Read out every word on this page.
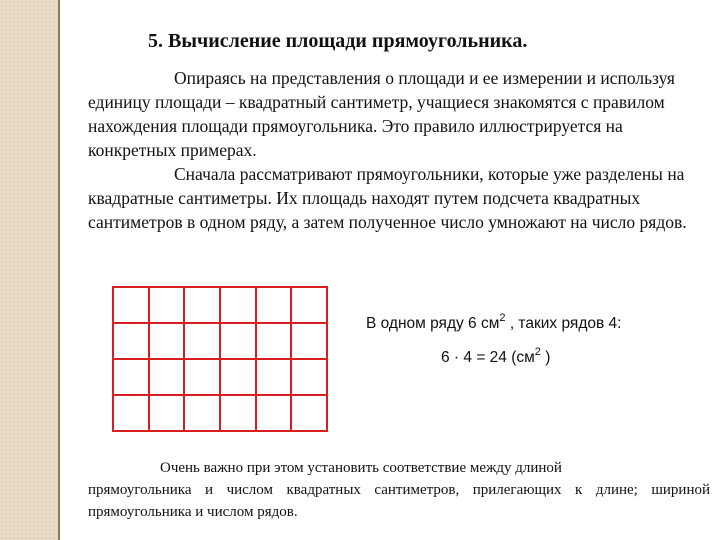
5. Вычисление площади прямоугольника.

Опираясь на представления о площади и ее измерении и используя единицу площади – квадратный сантиметр, учащиеся знакомятся с правилом нахождения площади прямоугольника. Это правило иллюстрируется на конкретных примерах.

Сначала рассматривают прямоугольники, которые уже разделены на квадратные сантиметры. Их площадь находят путем подсчета квадратных сантиметров в одном ряду, а затем полученное число умножают на число рядов.

В одном ряду 6 $см^2$ , таких рядов 4:

6 · 4 = 24 ($см^2$ )

Очень важно при этом установить соответствие между длиной
прямоугольника и числом квадратных сантиметров, прилегающих к длине; шириной прямоугольника и числом рядов.
